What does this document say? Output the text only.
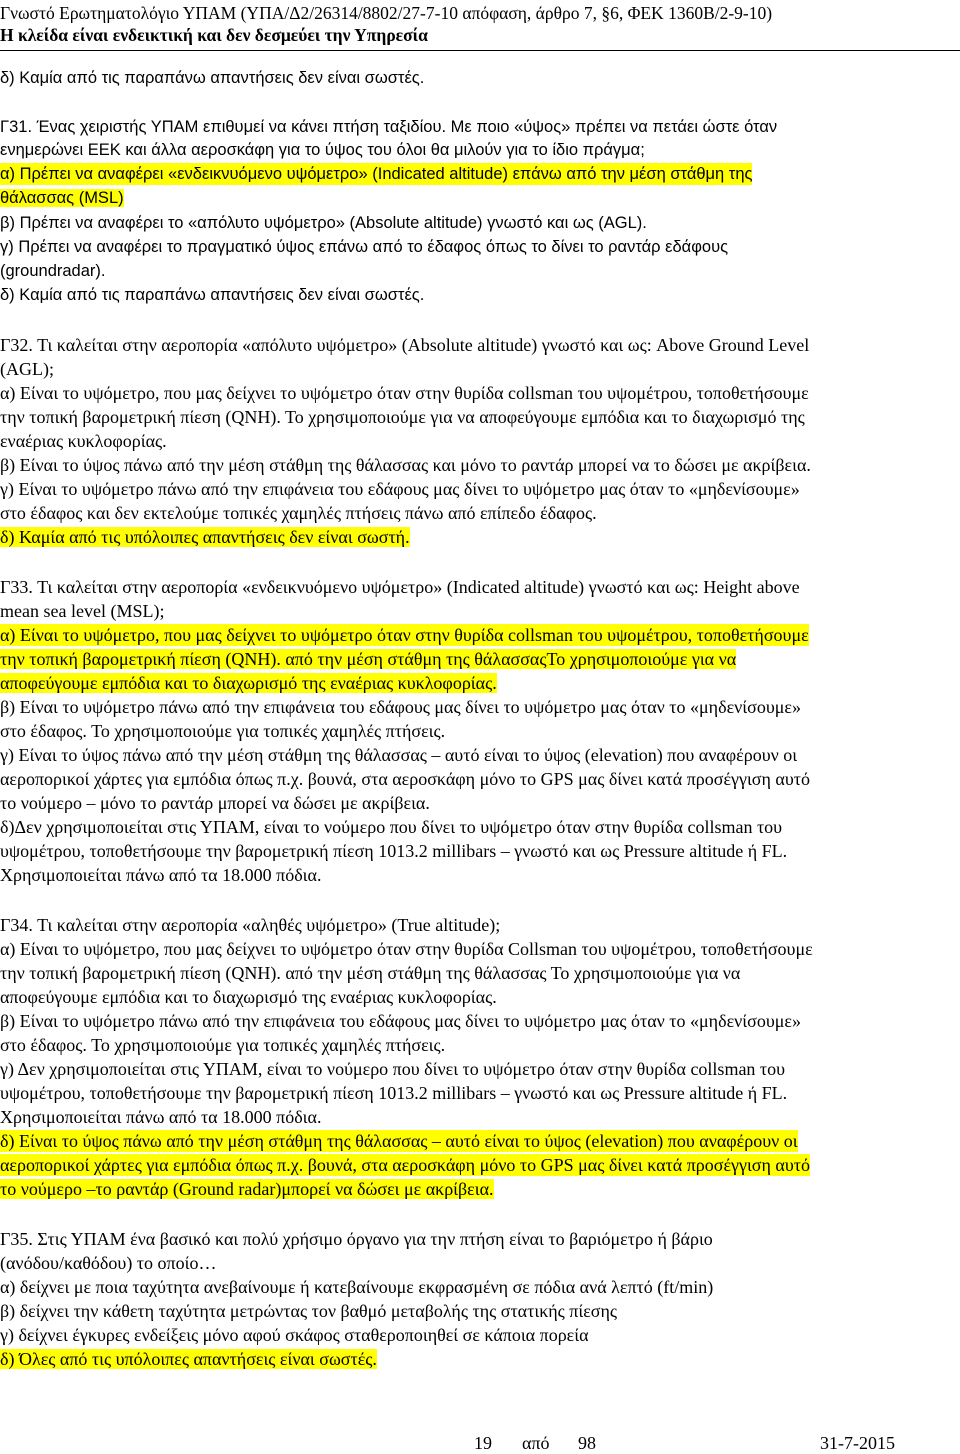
Γνωστό Ερωτηματολόγιο ΥΠΑΜ (ΥΠΑ/Δ2/26314/8802/27-7-10 απόφαση, άρθρο 7, §6, ΦΕΚ 1360Β/2-9-10)
Η κλείδα είναι ενδεικτική και δεν δεσμεύει την Υπηρεσία

δ) Καμία από τις παραπάνω απαντήσεις δεν είναι σωστές.

Γ31. Ένας χειριστής ΥΠΑΜ επιθυμεί να κάνει πτήση ταξιδίου. Με ποιο «ύψος» πρέπει να πετάει ώστε όταν

ενημερώνει ΕΕΚ και άλλα αεροσκάφη για το ύψος του όλοι θα μιλούν για το ίδιο πράγμα;

α) Πρέπει να αναφέρει «ενδεικνυόμενο υψόμετρο» (Indicated altitude) επάνω από την μέση στάθμη της

θάλασσας (MSL)

β) Πρέπει να αναφέρει το «απόλυτο υψόμετρο» (Absolute altitude) γνωστό και ως (AGL).

γ) Πρέπει να αναφέρει το πραγματικό ύψος επάνω από το έδαφος όπως το δίνει το ραντάρ εδάφους

(groundradar).

δ) Καμία από τις παραπάνω απαντήσεις δεν είναι σωστές.

Γ32. Τι καλείται στην αεροπορία «απόλυτο υψόμετρο» (Absolute altitude) γνωστό και ως: Above Ground Level

(AGL);

α) Είναι το υψόμετρο, που μας δείχνει το υψόμετρο όταν στην θυρίδα collsman του υψομέτρου, τοποθετήσουμε

την τοπική βαρομετρική πίεση (QNH). Το χρησιμοποιούμε για να αποφεύγουμε εμπόδια και το διαχωρισμό της

εναέριας κυκλοφορίας.

β) Είναι το ύψος πάνω από την μέση στάθμη της θάλασσας και μόνο το ραντάρ μπορεί να το δώσει με ακρίβεια.

γ) Είναι το υψόμετρο πάνω από την επιφάνεια του εδάφους μας δίνει το υψόμετρο μας όταν το «μηδενίσουμε»

στο έδαφος και δεν εκτελούμε τοπικές χαμηλές πτήσεις πάνω από επίπεδο έδαφος.

δ) Καμία από τις υπόλοιπες απαντήσεις δεν είναι σωστή.

Γ33. Τι καλείται στην αεροπορία «ενδεικνυόμενο υψόμετρο» (Indicated altitude) γνωστό και ως: Height above

mean sea level (MSL);

α) Είναι το υψόμετρο, που μας δείχνει το υψόμετρο όταν στην θυρίδα collsman του υψομέτρου, τοποθετήσουμε

την τοπική βαρομετρική πίεση (QNH). από την μέση στάθμη της θάλασσαςΤο χρησιμοποιούμε για να

αποφεύγουμε εμπόδια και το διαχωρισμό της εναέριας κυκλοφορίας.

β) Είναι το υψόμετρο πάνω από την επιφάνεια του εδάφους μας δίνει το υψόμετρο μας όταν το «μηδενίσουμε»

στο έδαφος. Το χρησιμοποιούμε για τοπικές χαμηλές πτήσεις.

γ) Είναι το ύψος πάνω από την μέση στάθμη της θάλασσας – αυτό είναι το ύψος (elevation) που αναφέρουν οι

αεροπορικοί χάρτες για εμπόδια όπως π.χ. βουνά, στα αεροσκάφη μόνο το GPS μας δίνει κατά προσέγγιση αυτό

το νούμερο – μόνο το ραντάρ μπορεί να δώσει με ακρίβεια.

δ)Δεν χρησιμοποιείται στις ΥΠΑΜ, είναι το νούμερο που δίνει το υψόμετρο όταν στην θυρίδα collsman του

υψομέτρου, τοποθετήσουμε την βαρομετρική πίεση 1013.2 millibars – γνωστό και ως Pressure altitude ή FL.

Χρησιμοποιείται πάνω από τα 18.000 πόδια.

Γ34. Τι καλείται στην αεροπορία «αληθές υψόμετρο» (True altitude);

α) Είναι το υψόμετρο, που μας δείχνει το υψόμετρο όταν στην θυρίδα Collsman του υψομέτρου, τοποθετήσουμε

την τοπική βαρομετρική πίεση (QNH). από την μέση στάθμη της θάλασσας Το χρησιμοποιούμε για να

αποφεύγουμε εμπόδια και το διαχωρισμό της εναέριας κυκλοφορίας.

β) Είναι το υψόμετρο πάνω από την επιφάνεια του εδάφους μας δίνει το υψόμετρο μας όταν το «μηδενίσουμε»

στο έδαφος. Το χρησιμοποιούμε για τοπικές χαμηλές πτήσεις.

γ) Δεν χρησιμοποιείται στις ΥΠΑΜ, είναι το νούμερο που δίνει το υψόμετρο όταν στην θυρίδα collsman του

υψομέτρου, τοποθετήσουμε την βαρομετρική πίεση 1013.2 millibars – γνωστό και ως Pressure altitude ή FL.

Χρησιμοποιείται πάνω από τα 18.000 πόδια.

δ) Είναι το ύψος πάνω από την μέση στάθμη της θάλασσας – αυτό είναι το ύψος (elevation) που αναφέρουν οι

αεροπορικοί χάρτες για εμπόδια όπως π.χ. βουνά, στα αεροσκάφη μόνο το GPS μας δίνει κατά προσέγγιση αυτό

το νούμερο –το ραντάρ (Ground radar)μπορεί να δώσει με ακρίβεια.

Γ35. Στις ΥΠΑΜ ένα βασικό και πολύ χρήσιμο όργανο για την πτήση είναι το βαριόμετρο ή βάριο

(ανόδου/καθόδου) το οποίο…

α) δείχνει με ποια ταχύτητα ανεβαίνουμε ή κατεβαίνουμε εκφρασμένη σε πόδια ανά λεπτό (ft/min)

β) δείχνει την κάθετη ταχύτητα μετρώντας τον βαθμό μεταβολής της στατικής πίεσης

γ) δείχνει έγκυρες ενδείξεις μόνο αφού σκάφος σταθεροποιηθεί σε κάποια πορεία

δ) Όλες από τις υπόλοιπες απαντήσεις είναι σωστές.

19 από 98	31-7-2015
